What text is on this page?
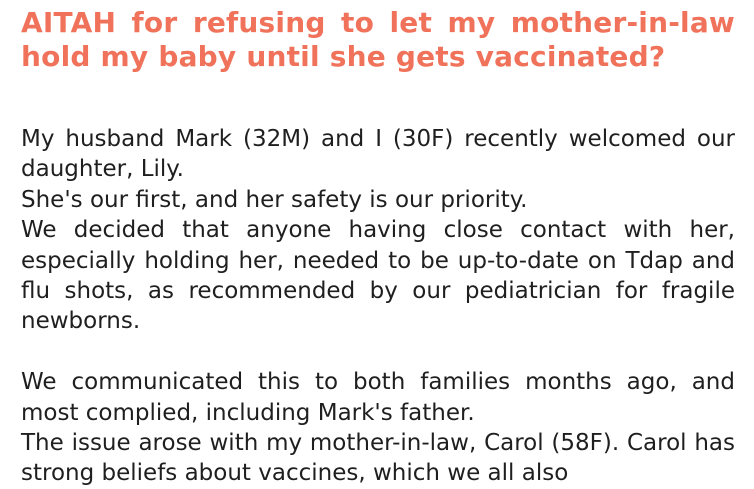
AITAH for refusing to let my mother-in-law hold my baby until she gets vaccinated?

My husband Mark (32M) and I (30F) recently welcomed our daughter, Lily.

She's our first, and her safety is our priority.

We decided that anyone having close contact with her, especially holding her, needed to be up-to-date on Tdap and flu shots, as recommended by our pediatrician for fragile newborns.

We communicated this to both families months ago, and most complied, including Mark's father.

The issue arose with my mother-in-law, Carol (58F). Carol has strong beliefs about vaccines, which we all also
